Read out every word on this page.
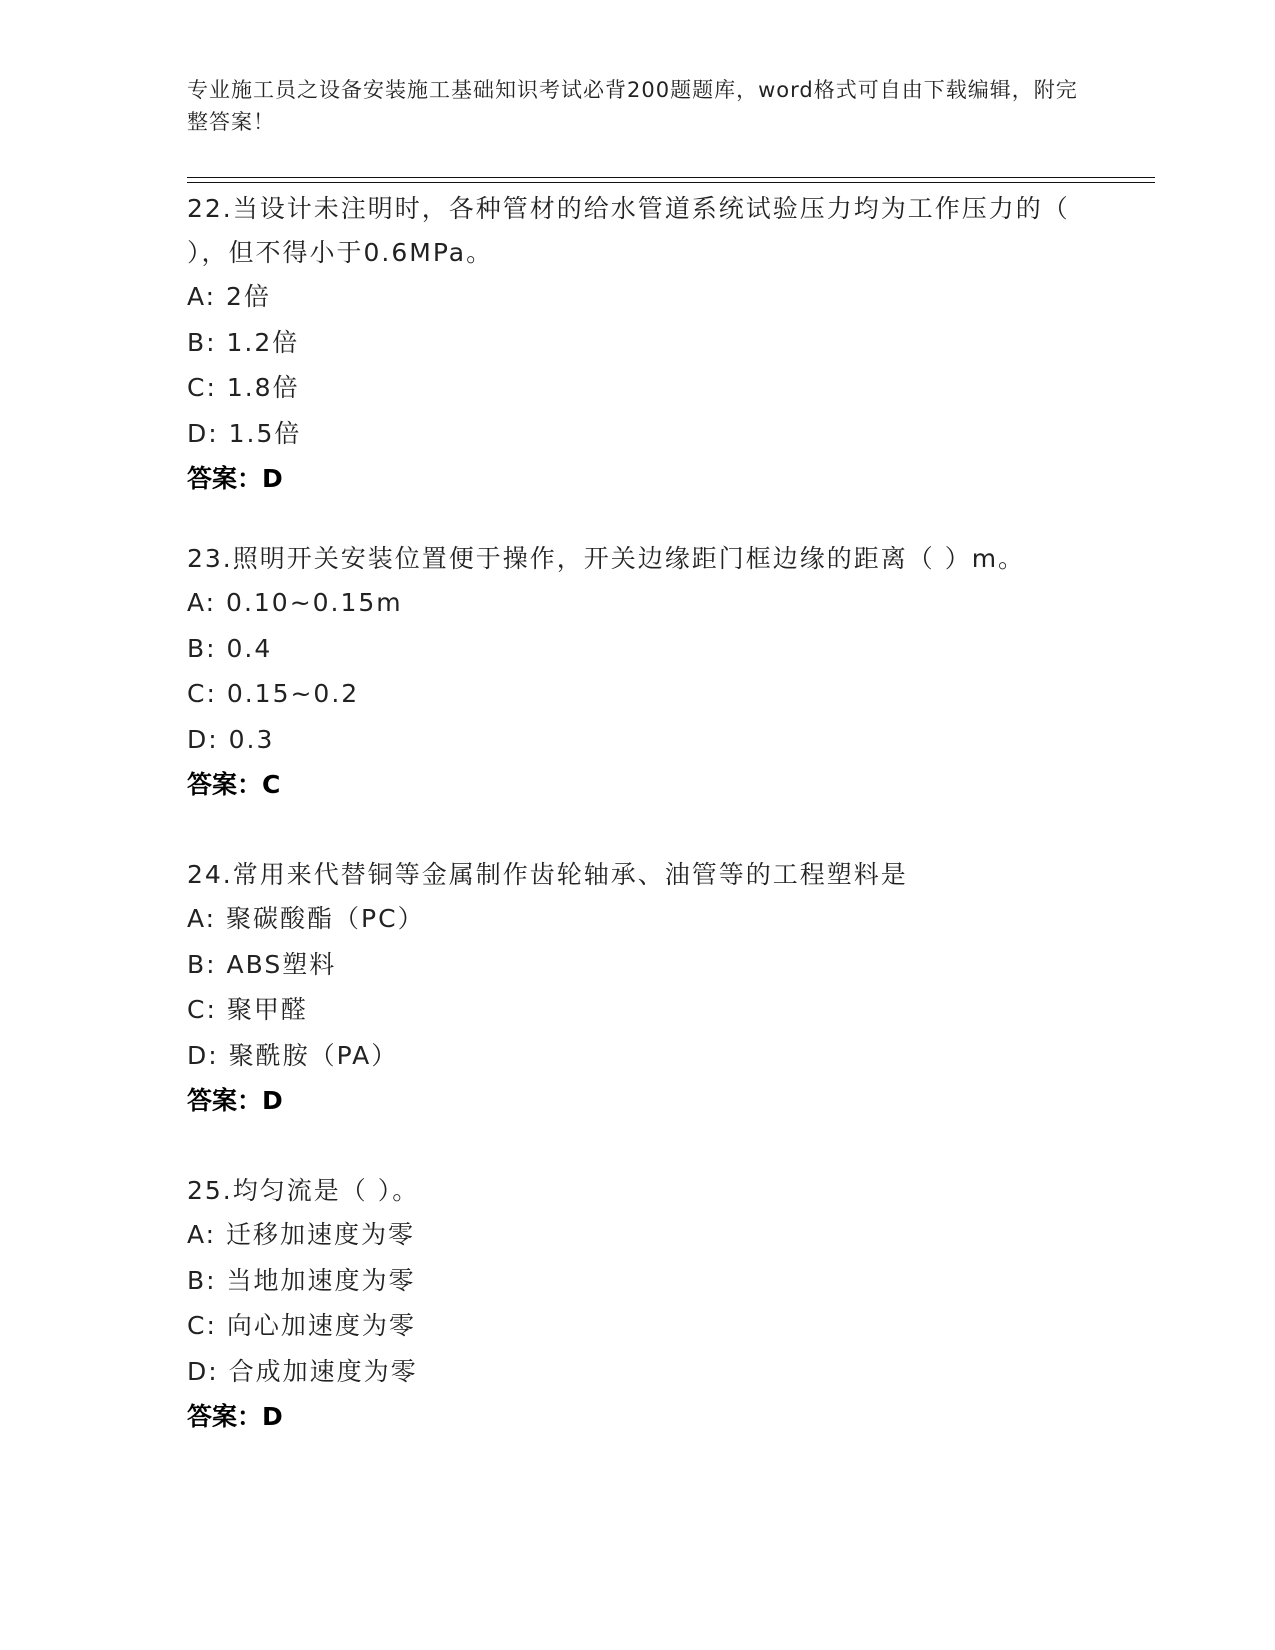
专业施工员之设备安装施工基础知识考试必背200题题库，word格式可自由下载编辑，附完整答案！

22.当设计未注明时，各种管材的给水管道系统试验压力均为工作压力的（ ），但不得小于0.6MPa。

A: 2倍
B: 1.2倍
C: 1.8倍
D: 1.5倍
答案：D

23.照明开关安装位置便于操作，开关边缘距门框边缘的距离（ ）m。

A: 0.10~0.15m
B: 0.4
C: 0.15~0.2
D: 0.3
答案：C

24.常用来代替铜等金属制作齿轮轴承、油管等的工程塑料是

A: 聚碳酸酯（PC）
B: ABS塑料
C: 聚甲醛
D: 聚酰胺（PA）
答案：D

25.均匀流是（ ）。

A: 迁移加速度为零
B: 当地加速度为零
C: 向心加速度为零
D: 合成加速度为零
答案：D
